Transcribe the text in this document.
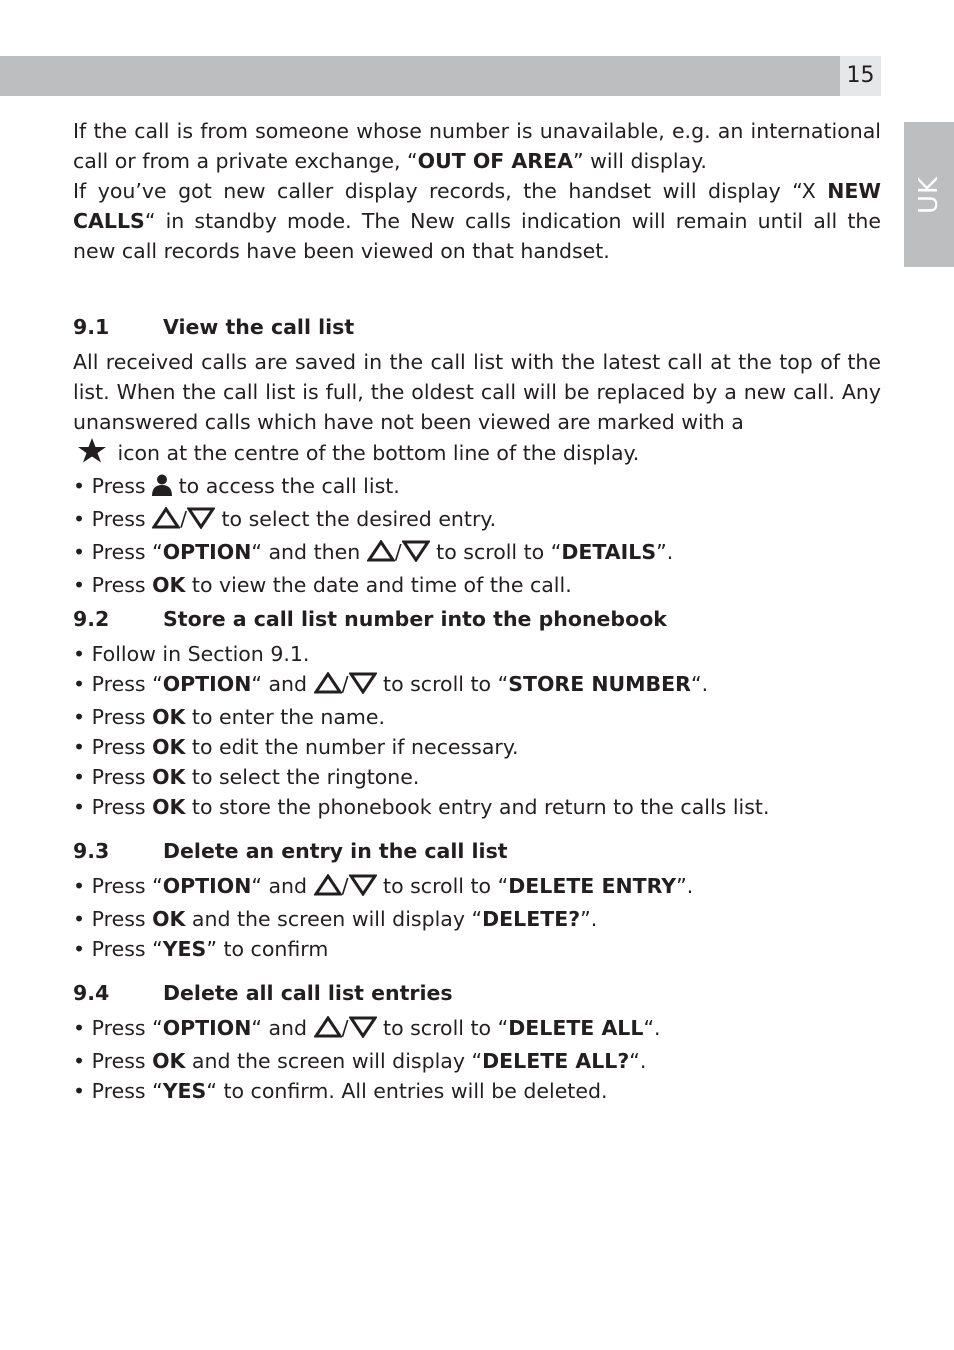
15
UK

If the call is from someone whose number is unavailable, e.g. an international call or from a private exchange, “OUT OF AREA” will display.

If you’ve got new caller display records, the handset will display “X NEW CALLS“ in standby mode. The New calls indication will remain until all the new call records have been viewed on that handset.

9.1	View the call list

All received calls are saved in the call list with the latest call at the top of the list. When the call list is full, the oldest call will be replaced by a new call. Any unanswered calls which have not been viewed are marked with a
icon at the centre of the bottom line of the display.

• Press  to access the call list.

• Press / to select the desired entry.

• Press “OPTION“ and then / to scroll to “DETAILS”.

• Press OK to view the date and time of the call.

9.2	Store a call list number into the phonebook

• Follow in Section 9.1.

• Press “OPTION“ and / to scroll to “STORE NUMBER“.

• Press OK to enter the name.

• Press OK to edit the number if necessary.

• Press OK to select the ringtone.

• Press OK to store the phonebook entry and return to the calls list.

9.3	Delete an entry in the call list

• Press “OPTION“ and / to scroll to “DELETE ENTRY”.

• Press OK and the screen will display “DELETE?”.

• Press “YES” to confirm

9.4	Delete all call list entries

• Press “OPTION“ and / to scroll to “DELETE ALL“.

• Press OK and the screen will display “DELETE ALL?“.

• Press “YES“ to confirm. All entries will be deleted.
